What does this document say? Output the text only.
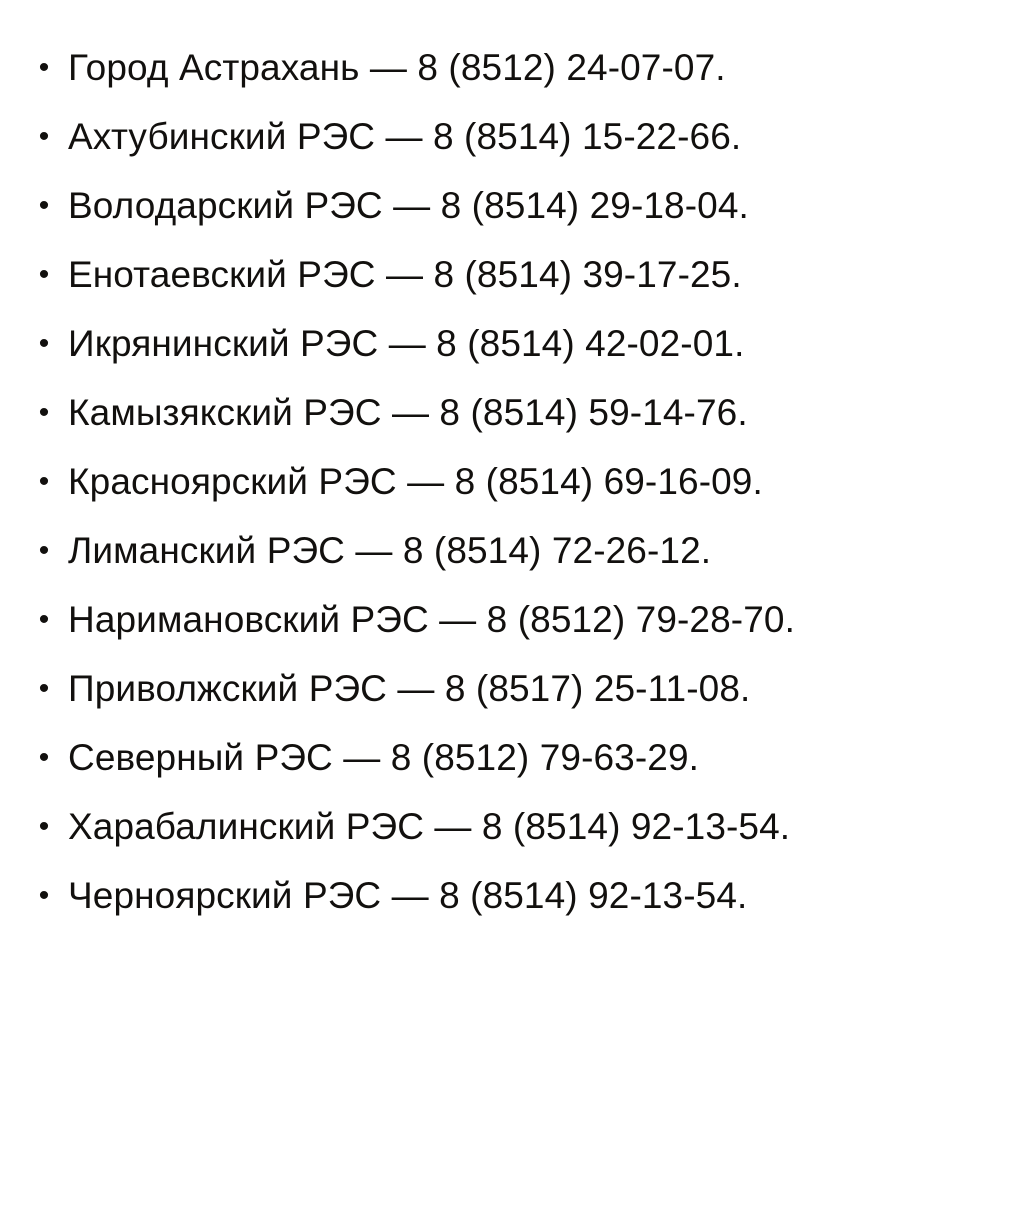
• Город Астрахань — 8 (8512) 24-07-07.
• Ахтубинский РЭС — 8 (8514) 15-22-66.
• Володарский РЭС — 8 (8514) 29-18-04.
• Енотаевский РЭС — 8 (8514) 39-17-25.
• Икрянинский РЭС — 8 (8514) 42-02-01.
• Камызякский РЭС — 8 (8514) 59-14-76.
• Красноярский РЭС — 8 (8514) 69-16-09.
• Лиманский РЭС — 8 (8514) 72-26-12.
• Наримановский РЭС — 8 (8512) 79-28-70.
• Приволжский РЭС — 8 (8517) 25-11-08.
• Северный РЭС — 8 (8512) 79-63-29.
• Харабалинский РЭС — 8 (8514) 92-13-54.
• Черноярский РЭС — 8 (8514) 92-13-54.
